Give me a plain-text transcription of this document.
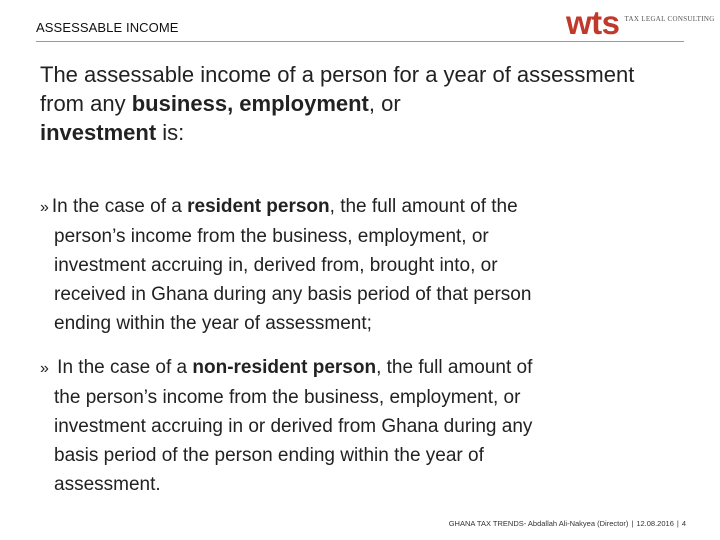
ASSESSABLE INCOME	wts TAX LEGAL CONSULTING

The assessable income of a person for a year of assessment from any business, employment, or
investment is:

» In the case of a resident person, the full amount of the
person’s income from the business, employment, or
investment accruing in, derived from, brought into, or
received in Ghana during any basis period of that person
ending within the year of assessment;
» In the case of a non-resident person, the full amount of
the person’s income from the business, employment, or
investment accruing in or derived from Ghana during any
basis period of the person ending within the year of
assessment.
GHANA TAX TRENDS- Abdallah Ali-Nakyea (Director) | 12.08.2016 | 4
